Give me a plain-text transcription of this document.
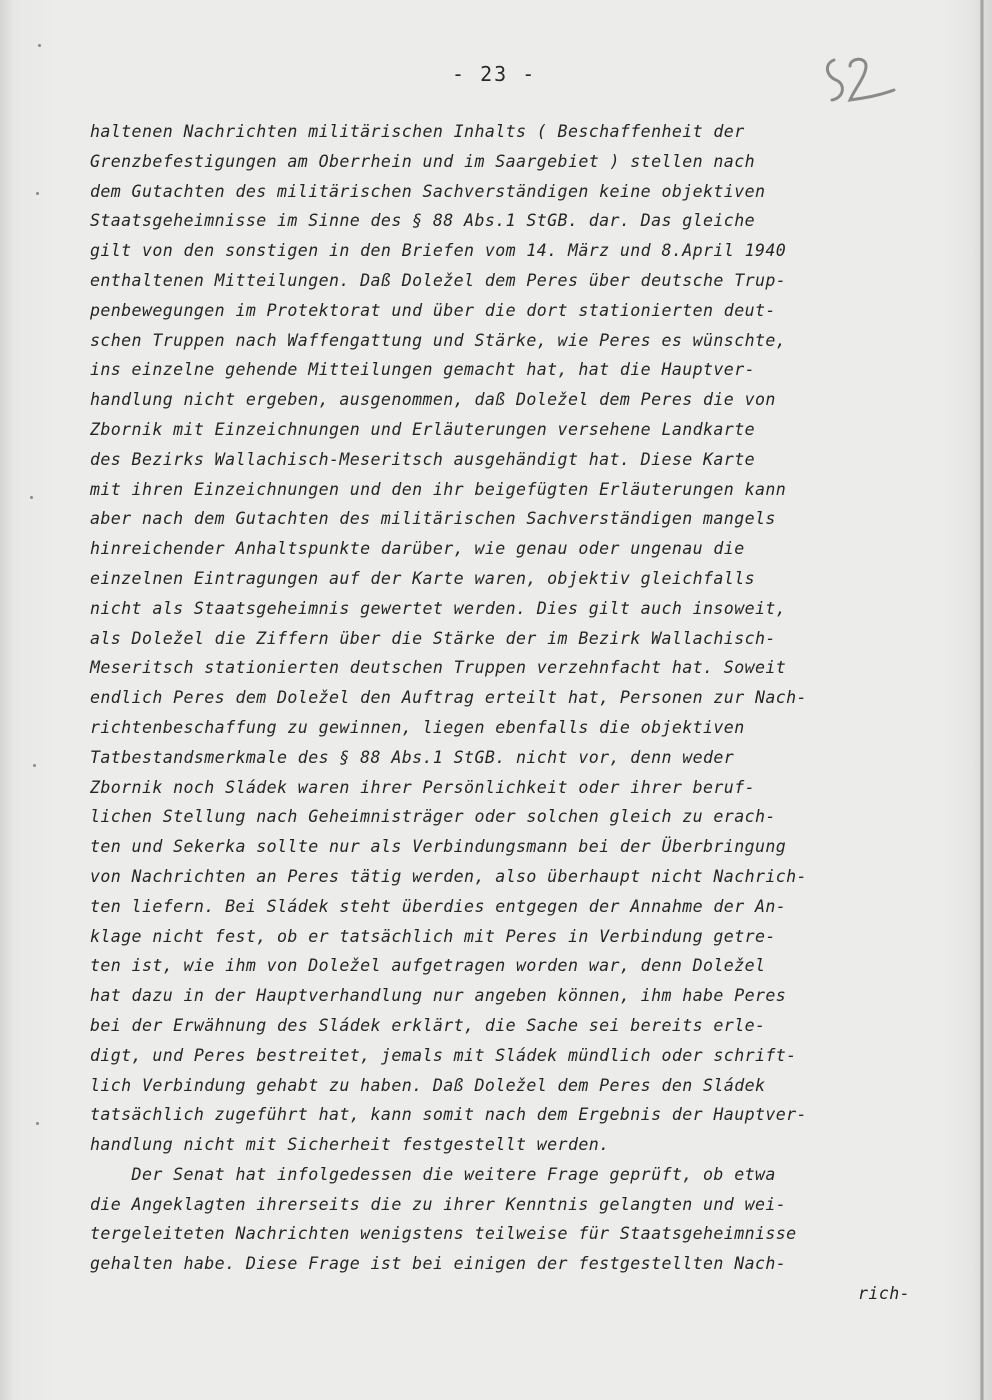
- 23 -
haltenen Nachrichten militärischen Inhalts ( Beschaffenheit der
Grenzbefestigungen am Oberrhein und im Saargebiet ) stellen nach
dem Gutachten des militärischen Sachverständigen keine objektiven
Staatsgeheimnisse im Sinne des § 88 Abs.1 StGB. dar. Das gleiche
gilt von den sonstigen in den Briefen vom 14. März und 8.April 1940
enthaltenen Mitteilungen. Daß Doležel dem Peres über deutsche Trup-
penbewegungen im Protektorat und über die dort stationierten deut-
schen Truppen nach Waffengattung und Stärke, wie Peres es wünschte,
ins einzelne gehende Mitteilungen gemacht hat, hat die Hauptver-
handlung nicht ergeben, ausgenommen, daß Doležel dem Peres die von
Zbornik mit Einzeichnungen und Erläuterungen versehene Landkarte
des Bezirks Wallachisch-Meseritsch ausgehändigt hat. Diese Karte
mit ihren Einzeichnungen und den ihr beigefügten Erläuterungen kann
aber nach dem Gutachten des militärischen Sachverständigen mangels
hinreichender Anhaltspunkte darüber, wie genau oder ungenau die
einzelnen Eintragungen auf der Karte waren, objektiv gleichfalls
nicht als Staatsgeheimnis gewertet werden. Dies gilt auch insoweit,
als Doležel die Ziffern über die Stärke der im Bezirk Wallachisch-
Meseritsch stationierten deutschen Truppen verzehnfacht hat. Soweit
endlich Peres dem Doležel den Auftrag erteilt hat, Personen zur Nach-
richtenbeschaffung zu gewinnen, liegen ebenfalls die objektiven
Tatbestandsmerkmale des § 88 Abs.1 StGB. nicht vor, denn weder
Zbornik noch Sládek waren ihrer Persönlichkeit oder ihrer beruf-
lichen Stellung nach Geheimnisträger oder solchen gleich zu erach-
ten und Sekerka sollte nur als Verbindungsmann bei der Überbringung
von Nachrichten an Peres tätig werden, also überhaupt nicht Nachrich-
ten liefern. Bei Sládek steht überdies entgegen der Annahme der An-
klage nicht fest, ob er tatsächlich mit Peres in Verbindung getre-
ten ist, wie ihm von Doležel aufgetragen worden war, denn Doležel
hat dazu in der Hauptverhandlung nur angeben können, ihm habe Peres
bei der Erwähnung des Sládek erklärt, die Sache sei bereits erle-
digt, und Peres bestreitet, jemals mit Sládek mündlich oder schrift-
lich Verbindung gehabt zu haben. Daß Doležel dem Peres den Sládek
tatsächlich zugeführt hat, kann somit nach dem Ergebnis der Hauptver-
handlung nicht mit Sicherheit festgestellt werden.
Der Senat hat infolgedessen die weitere Frage geprüft, ob etwa
die Angeklagten ihrerseits die zu ihrer Kenntnis gelangten und wei-
tergeleiteten Nachrichten wenigstens teilweise für Staatsgeheimnisse
gehalten habe. Diese Frage ist bei einigen der festgestellten Nach-
rich-
